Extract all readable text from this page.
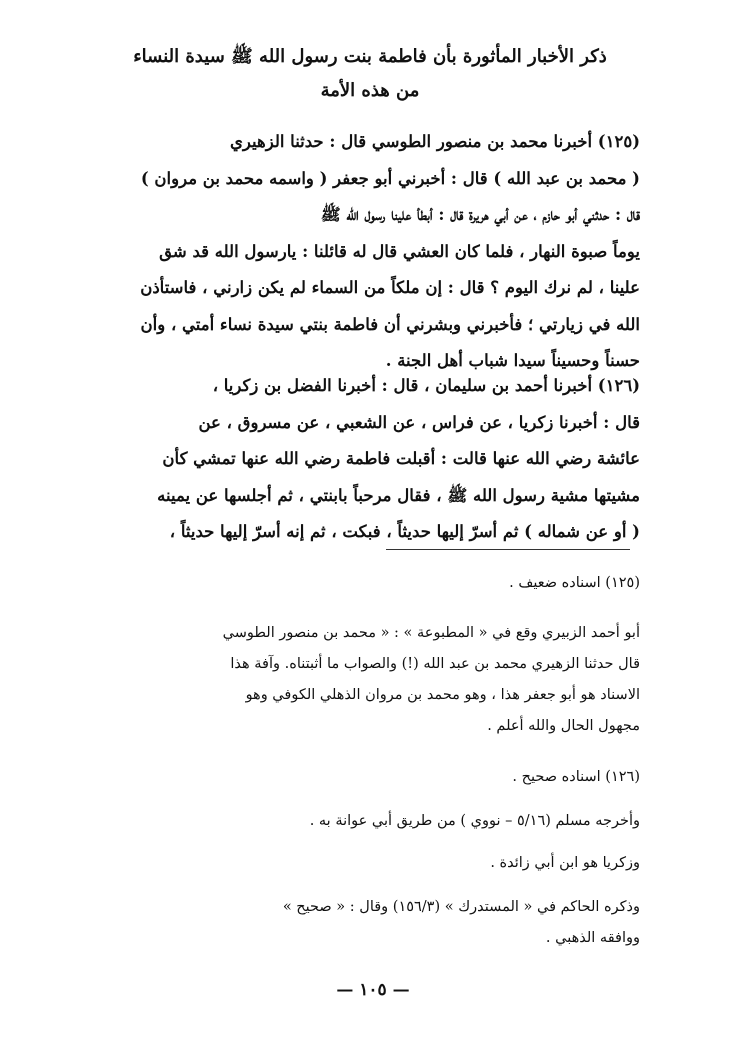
ذكر الأخبار المأثورة بأن فاطمة بنت رسول الله ﷺ سيدة النساء
من هذه الأمة
(١٢٥) أخبرنا محمد بن منصور الطوسي قال : حدثنا الزهيري
( محمد بن عبد الله ) قال : أخبرني أبو جعفر ( واسمه محمد بن مروان )
قال : حدثني أبو حازم ، عن أبي هريرة قال : أبطأ علينا رسول الله ﷺ
يوماً صبوة النهار ، فلما كان العشي قال له قائلنا : يارسول الله قد شق
علينا ، لم نرك اليوم ؟ قال : إن ملكاً من السماء لم يكن زارني ، فاستأذن
الله في زيارتي ؛ فأخبرني وبشرني أن فاطمة بنتي سيدة نساء أمتي ، وأن
حسناً وحسيناً سيدا شباب أهل الجنة .
(١٢٦) أخبرنا أحمد بن سليمان ، قال : أخبرنا الفضل بن زكريا ،
قال : أخبرنا زكريا ، عن فراس ، عن الشعبي ، عن مسروق ، عن
عائشة رضي الله عنها قالت : أقبلت فاطمة رضي الله عنها تمشي كأن
مشيتها مشية رسول الله ﷺ ، فقال مرحباً بابنتي ، ثم أجلسها عن يمينه
( أو عن شماله ) ثم أسرّ إليها حديثاً ، فبكت ، ثم إنه أسرّ إليها حديثاً ،
(١٢٥) اسناده ضعيف .

أبو أحمد الزبيري وقع في « المطبوعة » : « محمد بن منصور الطوسي

قال حدثنا الزهيري محمد بن عبد الله (!) والصواب ما أثبتناه. وآفة هذا

الاسناد هو أبو جعفر هذا ، وهو محمد بن مروان الذهلي الكوفي وهو

مجهول الحال والله أعلم .

(١٢٦) اسناده صحيح .
وأخرجه مسلم (٥/١٦ – نووي ) من طريق أبي عوانة به .
وزكريا هو ابن أبي زائدة .

وذكره الحاكم في « المستدرك » (١٥٦/٣) وقال : « صحيح »

ووافقه الذهبي .

— ١٠٥ —
